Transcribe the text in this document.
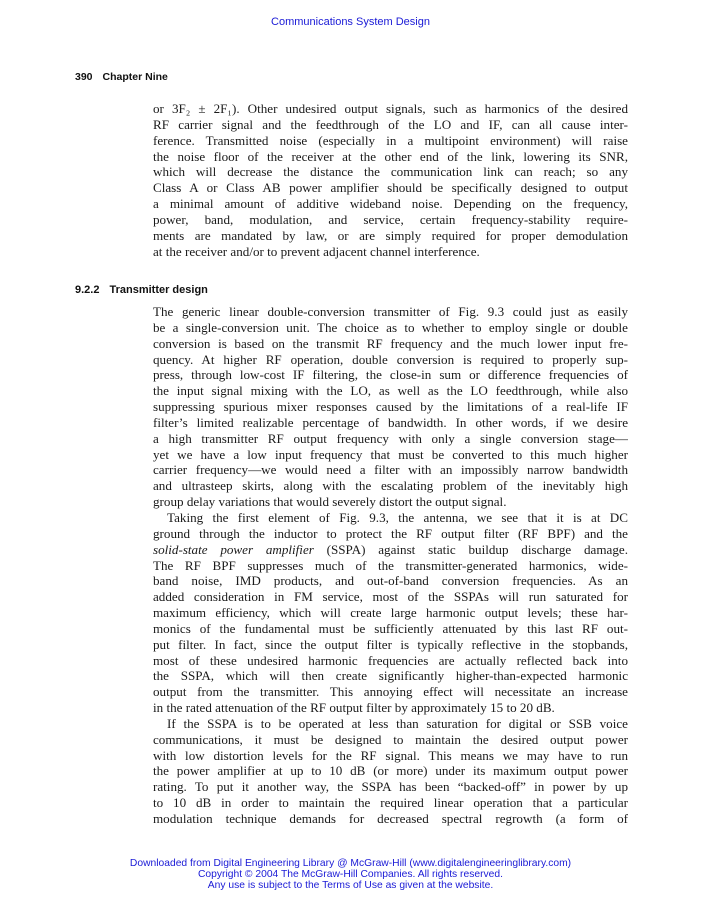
Communications System Design
390 Chapter Nine
or 3F₂ ± 2F₁). Other undesired output signals, such as harmonics of the desired
RF carrier signal and the feedthrough of the LO and IF, can all cause inter-
ference. Transmitted noise (especially in a multipoint environment) will raise
the noise floor of the receiver at the other end of the link, lowering its SNR,
which will decrease the distance the communication link can reach; so any
Class A or Class AB power amplifier should be specifically designed to output
a minimal amount of additive wideband noise. Depending on the frequency,
power, band, modulation, and service, certain frequency-stability require-
ments are mandated by law, or are simply required for proper demodulation
at the receiver and/or to prevent adjacent channel interference.
9.2.2 Transmitter design
The generic linear double-conversion transmitter of Fig. 9.3 could just as easily
be a single-conversion unit. The choice as to whether to employ single or double
conversion is based on the transmit RF frequency and the much lower input fre-
quency. At higher RF operation, double conversion is required to properly sup-
press, through low-cost IF filtering, the close-in sum or difference frequencies of
the input signal mixing with the LO, as well as the LO feedthrough, while also
suppressing spurious mixer responses caused by the limitations of a real-life IF
filter’s limited realizable percentage of bandwidth. In other words, if we desire
a high transmitter RF output frequency with only a single conversion stage—
yet we have a low input frequency that must be converted to this much higher
carrier frequency—we would need a filter with an impossibly narrow bandwidth
and ultrasteep skirts, along with the escalating problem of the inevitably high
group delay variations that would severely distort the output signal.
Taking the first element of Fig. 9.3, the antenna, we see that it is at DC
ground through the inductor to protect the RF output filter (RF BPF) and the
solid-state power amplifier (SSPA) against static buildup discharge damage.
The RF BPF suppresses much of the transmitter-generated harmonics, wide-
band noise, IMD products, and out-of-band conversion frequencies. As an
added consideration in FM service, most of the SSPAs will run saturated for
maximum efficiency, which will create large harmonic output levels; these har-
monics of the fundamental must be sufficiently attenuated by this last RF out-
put filter. In fact, since the output filter is typically reflective in the stopbands,
most of these undesired harmonic frequencies are actually reflected back into
the SSPA, which will then create significantly higher-than-expected harmonic
output from the transmitter. This annoying effect will necessitate an increase
in the rated attenuation of the RF output filter by approximately 15 to 20 dB.
If the SSPA is to be operated at less than saturation for digital or SSB voice
communications, it must be designed to maintain the desired output power
with low distortion levels for the RF signal. This means we may have to run
the power amplifier at up to 10 dB (or more) under its maximum output power
rating. To put it another way, the SSPA has been “backed-off” in power by up
to 10 dB in order to maintain the required linear operation that a particular
modulation technique demands for decreased spectral regrowth (a form of
Downloaded from Digital Engineering Library @ McGraw-Hill (www.digitalengineeringlibrary.com)
Copyright © 2004 The McGraw-Hill Companies. All rights reserved.
Any use is subject to the Terms of Use as given at the website.
